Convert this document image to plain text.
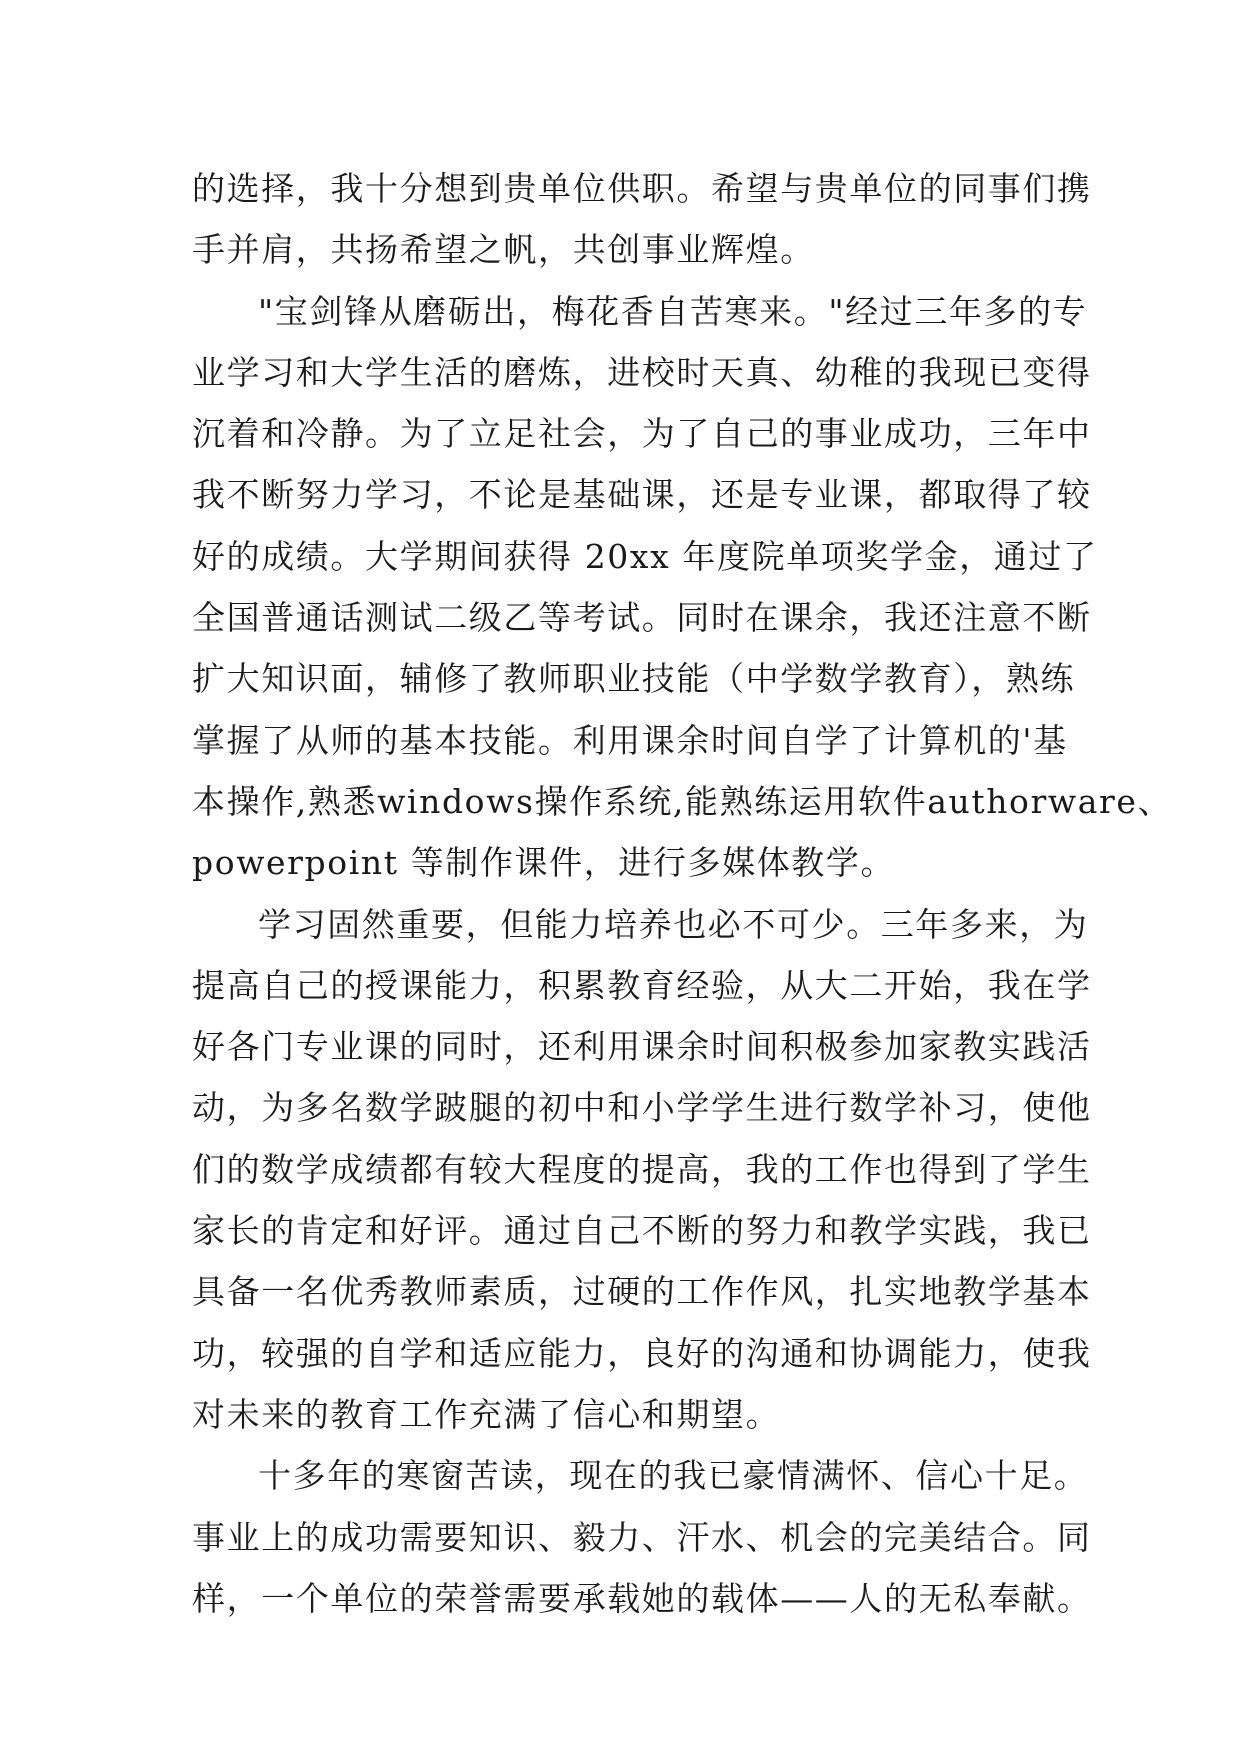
的选择，我十分想到贵单位供职。希望与贵单位的同事们携
手并肩，共扬希望之帆，共创事业辉煌。
"宝剑锋从磨砺出，梅花香自苦寒来。"经过三年多的专
业学习和大学生活的磨炼，进校时天真、幼稚的我现已变得
沉着和冷静。为了立足社会，为了自己的事业成功，三年中
我不断努力学习，不论是基础课，还是专业课，都取得了较
好的成绩。大学期间获得 20xx 年度院单项奖学金，通过了
全国普通话测试二级乙等考试。同时在课余，我还注意不断
扩大知识面，辅修了教师职业技能（中学数学教育），熟练
掌握了从师的基本技能。利用课余时间自学了计算机的'基
本操作,熟悉windows操作系统,能熟练运用软件authorware、
powerpoint 等制作课件，进行多媒体教学。
学习固然重要，但能力培养也必不可少。三年多来，为
提高自己的授课能力，积累教育经验，从大二开始，我在学
好各门专业课的同时，还利用课余时间积极参加家教实践活
动，为多名数学跛腿的初中和小学学生进行数学补习，使他
们的数学成绩都有较大程度的提高，我的工作也得到了学生
家长的肯定和好评。通过自己不断的努力和教学实践，我已
具备一名优秀教师素质，过硬的工作作风，扎实地教学基本
功，较强的自学和适应能力，良好的沟通和协调能力，使我
对未来的教育工作充满了信心和期望。
十多年的寒窗苦读，现在的我已豪情满怀、信心十足。
事业上的成功需要知识、毅力、汗水、机会的完美结合。同
样，一个单位的荣誉需要承载她的载体——人的无私奉献。
